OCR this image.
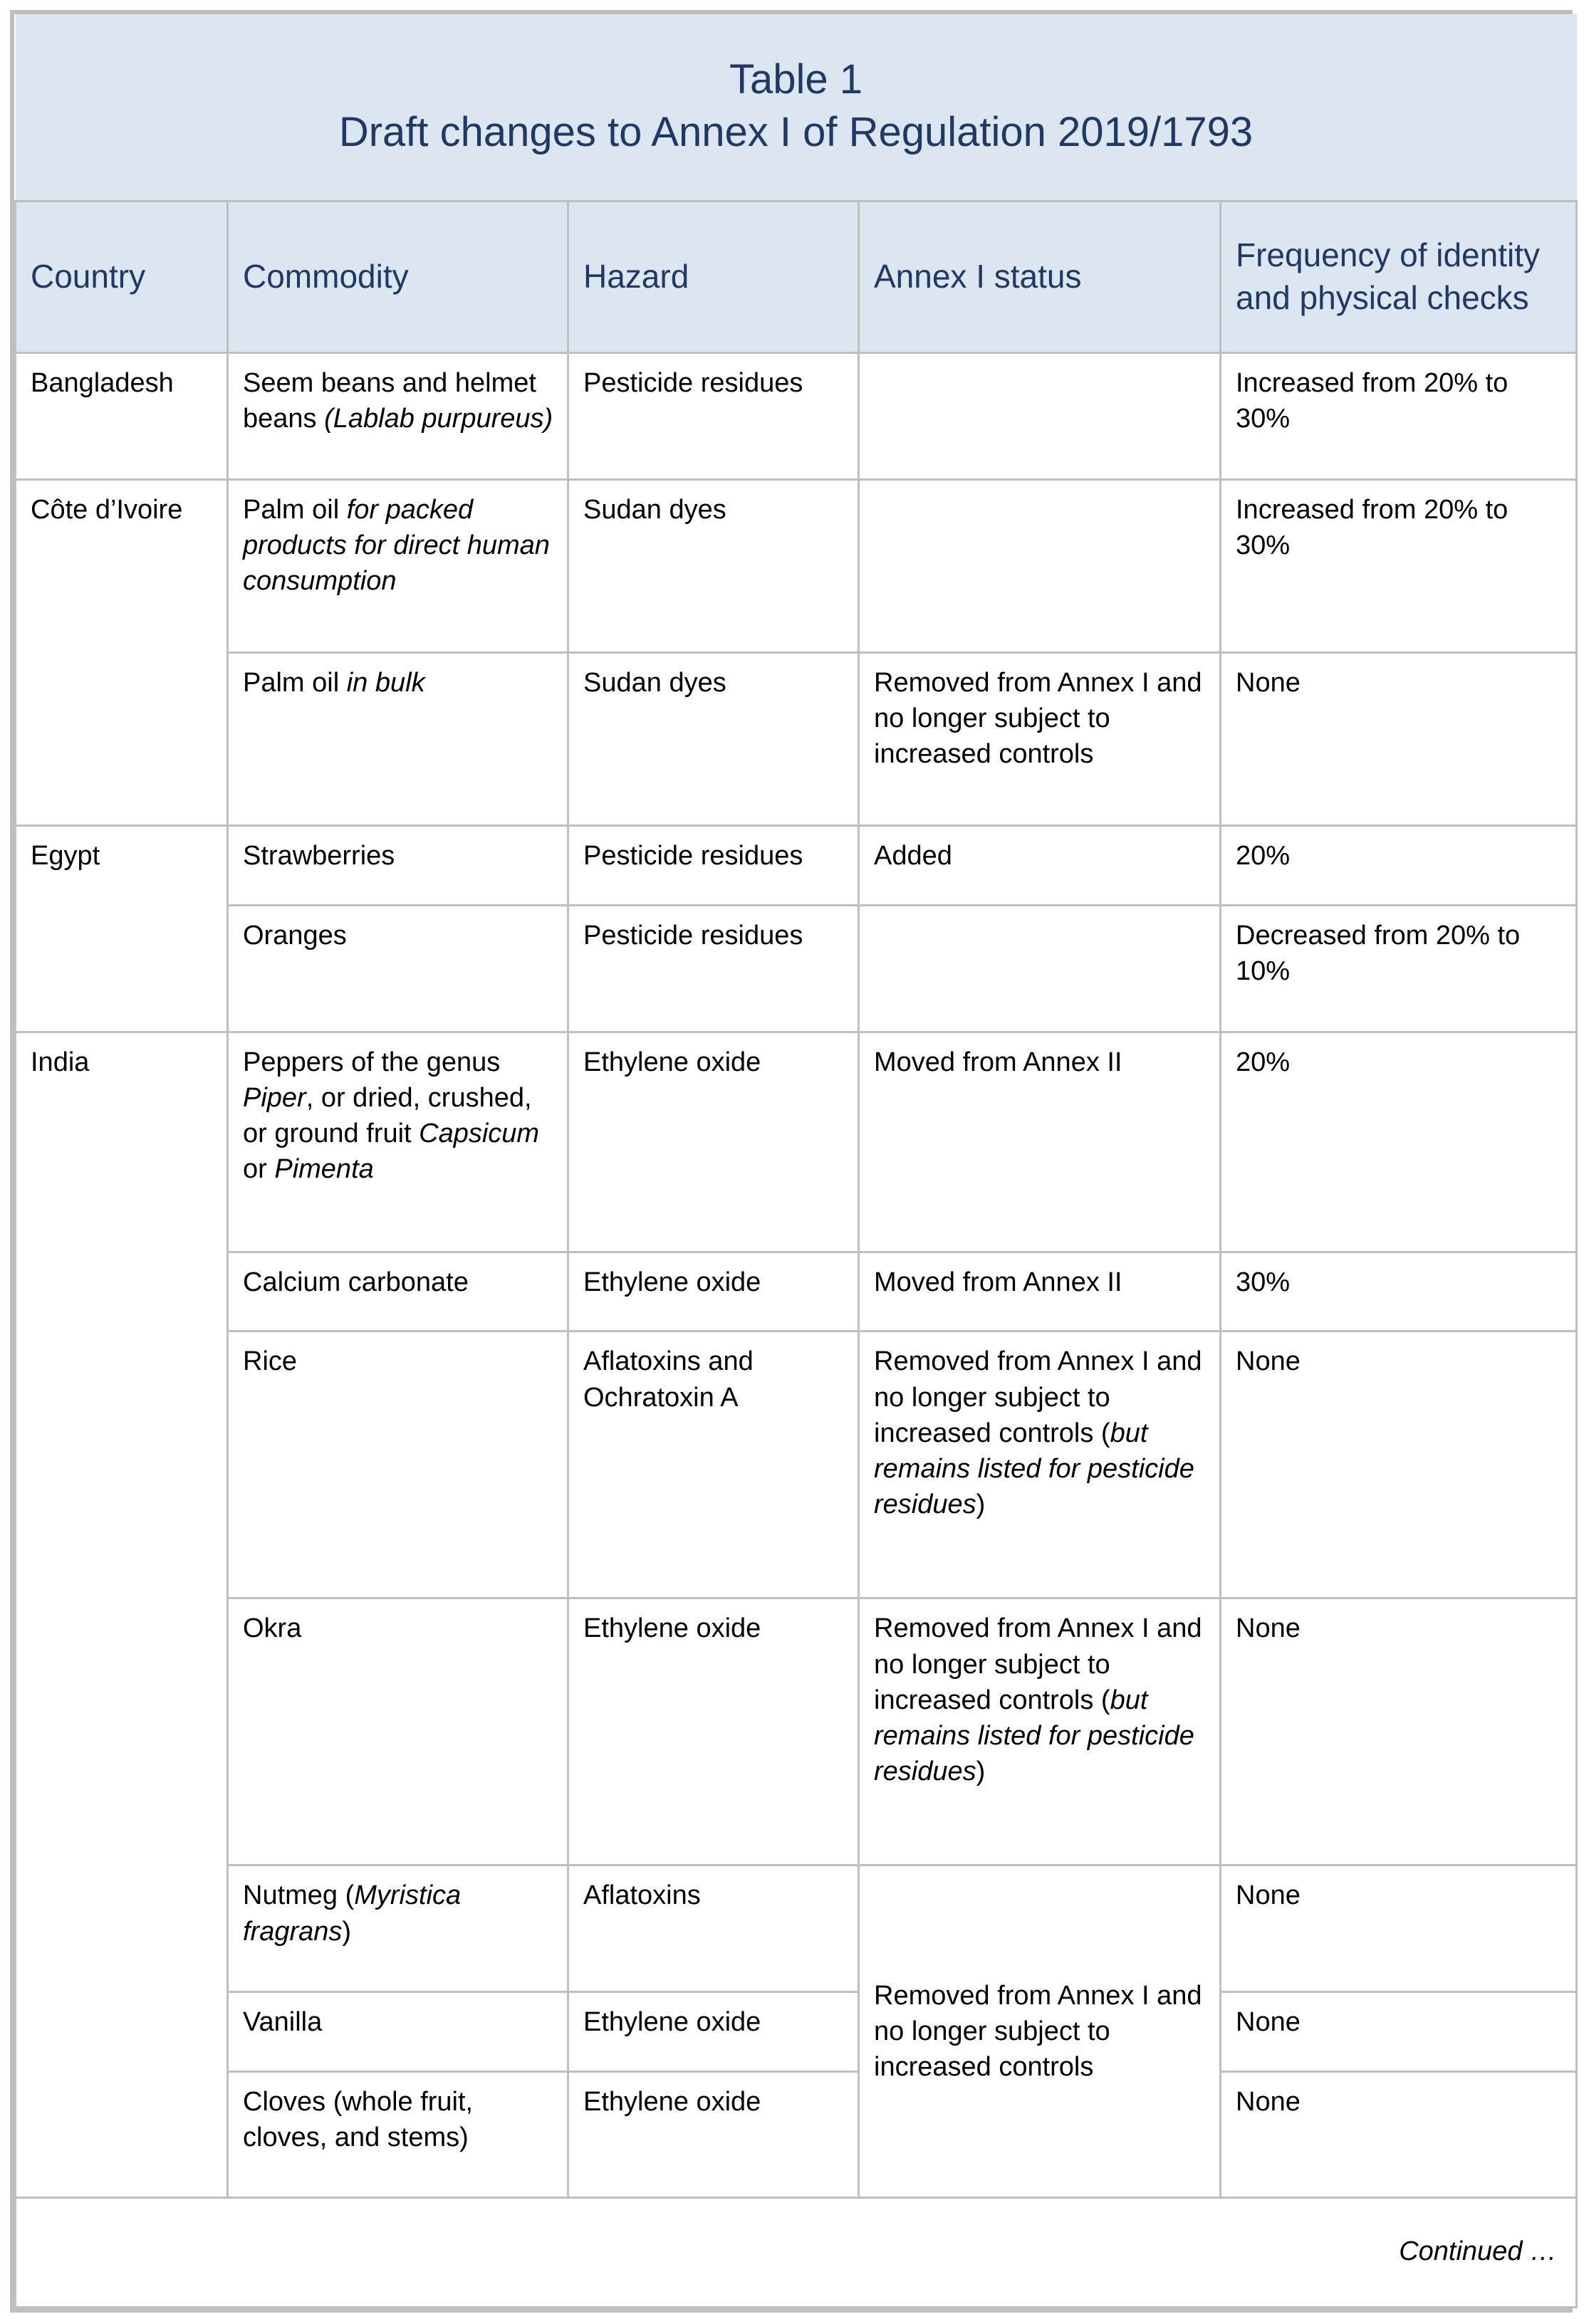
Table 1
Draft changes to Annex I of Regulation 2019/1793				

Country	Commodity	Hazard	Annex I status	Frequency of identity and physical checks
Bangladesh	Seem beans and helmet beans (Lablab purpureus)	Pesticide residues		Increased from 20% to 30%
Côte d’Ivoire	Palm oil for packed products for direct human consumption	Sudan dyes		Increased from 20% to 30%
	Palm oil in bulk	Sudan dyes	Removed from Annex I and no longer subject to increased controls	None
Egypt	Strawberries	Pesticide residues	Added	20%
	Oranges	Pesticide residues		Decreased from 20% to 10%
India	Peppers of the genus Piper, or dried, crushed, or ground fruit Capsicum or Pimenta	Ethylene oxide	Moved from Annex II	20%
	Calcium carbonate	Ethylene oxide	Moved from Annex II	30%
	Rice	Aflatoxins and Ochratoxin A	Removed from Annex I and no longer subject to increased controls (but remains listed for pesticide residues)	None
	Okra	Ethylene oxide	Removed from Annex I and no longer subject to increased controls (but remains listed for pesticide residues)	None
	Nutmeg (Myristica fragrans)	Aflatoxins	Removed from Annex I and no longer subject to increased controls	None
	Vanilla	Ethylene oxide		None
	Cloves (whole fruit, cloves, and stems)	Ethylene oxide		None
Continued …				
